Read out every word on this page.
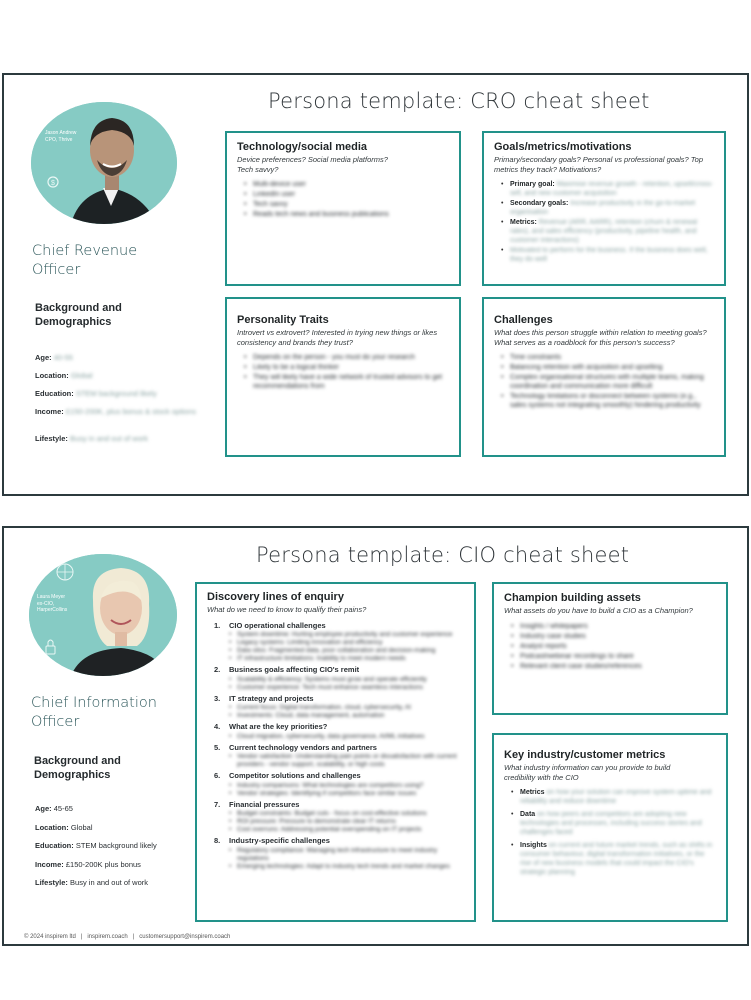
Persona template: CRO cheat sheet
$
Jason Andrew
CPO, Thrive
Chief Revenue
Officer
Background and
Demographics
Age: 40-55
Location: Global
Education: STEM background likely
Income: £150-200K, plus bonus & stock options
Lifestyle: Busy in and out of work
Technology/social media
Device preferences? Social media platforms? Tech savvy?
• Multi-device user
• LinkedIn user
• Tech savvy
• Reads tech news and business publications
Goals/metrics/motivations
Primary/secondary goals? Personal vs professional goals? Top metrics they track? Motivations?
• Primary goal: Maximise revenue growth - retention, upsell/cross-sell, and new customer acquisition
• Secondary goals: Increase productivity in the go-to-market organisation
• Metrics: Revenue (ARR, AARR), retention (churn & renewal rates), and sales efficiency (productivity, pipeline health, and customer interactions)
• Motivated to perform for the business. If the business does well, they do well
Personality Traits
Introvert vs extrovert? Interested in trying new things or likes consistency and brands they trust?
• Depends on the person - you must do your research
• Likely to be a logical thinker
• They will likely have a wide network of trusted advisors to get recommendations from
Challenges
What does this person struggle within relation to meeting goals? What serves as a roadblock for this person's success?
• Time constraints
• Balancing retention with acquisition and upselling
• Complex organisational structures with multiple teams, making coordination and communication more difficult
• Technology limitations or disconnect between systems (e.g., sales systems not integrating smoothly) hindering productivity
Persona template: CIO cheat sheet
Laura Meyer
ex-CIO,
HarperCollins
Chief Information
Officer
Background and
Demographics
Age: 45-65
Location: Global
Education: STEM background likely
Income: £150-200K plus bonus
Lifestyle: Busy in and out of work
Discovery lines of enquiry
What do we need to know to qualify their pains?
1. CIO operational challenges
• System downtime: Hurting employee productivity and customer experience
• Legacy systems: Limiting innovation and efficiency
• Data silos: Fragmented data, poor collaboration and decision-making
• IT infrastructure limitations: Inability to meet modern needs
2. Business goals affecting CIO's remit
• Scalability & efficiency: Systems must grow and operate efficiently
• Customer experience: Tech must enhance seamless interactions
3. IT strategy and projects
• Current focus: Digital transformation, cloud, cybersecurity, AI
• Investments: Cloud, data management, automation
4. What are the key priorities?
• Cloud migration, cybersecurity, data governance, AI/ML initiatives
5. Current technology vendors and partners
• Vendor satisfaction: Understanding pain points or dissatisfaction with current providers - vendor support, scalability, or high costs
6. Competitor solutions and challenges
• Industry comparisons: What technologies are competitors using?
• Vendor strategies: Identifying if competitors face similar issues
7. Financial pressures
• Budget constraints: Budget cuts - focus on cost-effective solutions
• ROI pressure: Pressure to demonstrate clear IT returns
• Cost overruns: Addressing potential overspending on IT projects
8. Industry-specific challenges
• Regulatory compliance: Managing tech infrastructure to meet industry regulations
• Emerging technologies: Adapt to industry tech trends and market changes
Champion building assets
What assets do you have to build a CIO as a Champion?
• Insights / whitepapers
• Industry case studies
• Analyst reports
• Podcast/webinar recordings to share
• Relevant client case studies/references
Key industry/customer metrics
What industry information can you provide to build credibility with the CIO
• Metrics on how your solution can improve system uptime and reliability and reduce downtime
• Data on how peers and competitors are adopting new technologies and processes, including success stories and challenges faced
• Insights on current and future market trends, such as shifts in consumer behaviour, digital transformation initiatives, or the rise of new business models that could impact the CIO's strategic planning
© 2024 inspirem ltd | inspirem.coach | customersupport@inspirem.coach
